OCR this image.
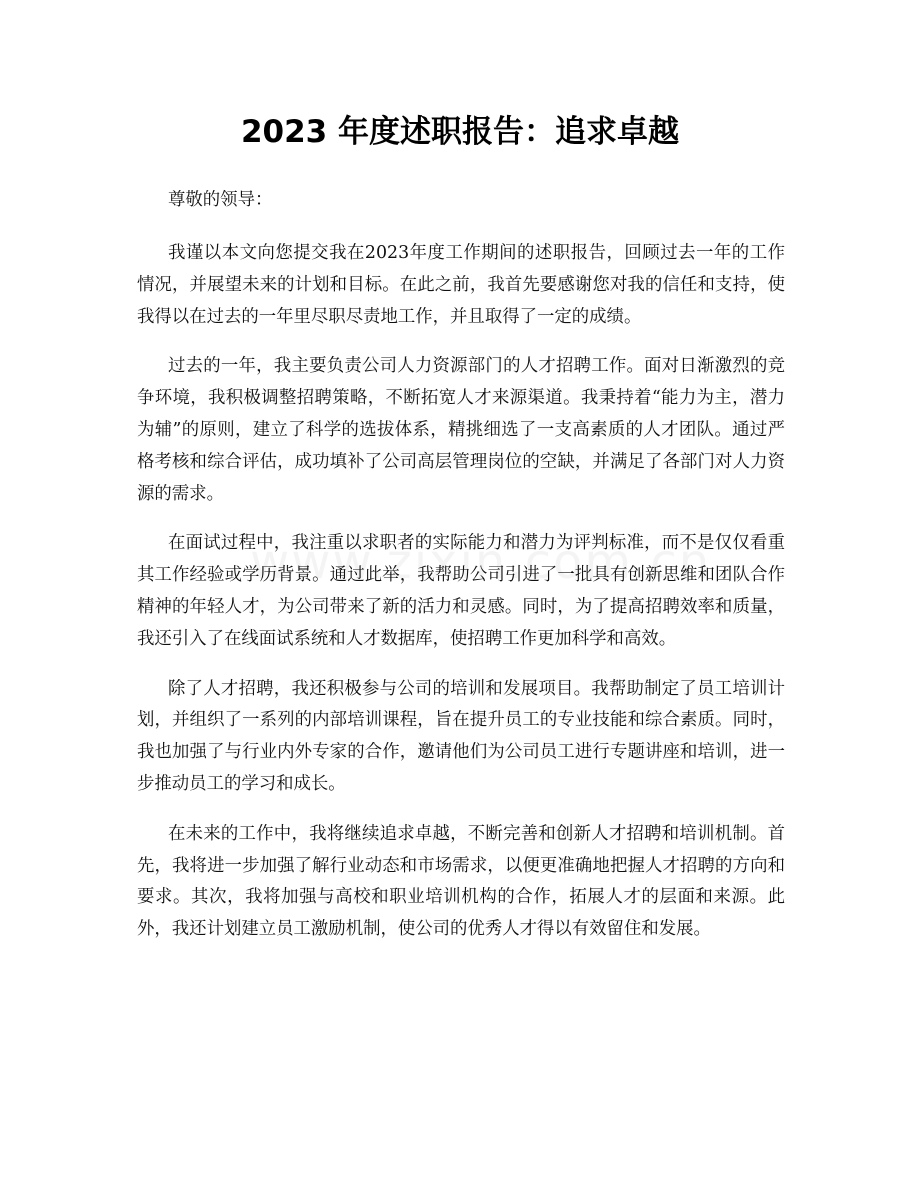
2023 年度述职报告：追求卓越

尊敬的领导：

我谨以本文向您提交我在2023年度工作期间的述职报告，回顾过去一年的工作情况，并展望未来的计划和目标。在此之前，我首先要感谢您对我的信任和支持，使我得以在过去的一年里尽职尽责地工作，并且取得了一定的成绩。

过去的一年，我主要负责公司人力资源部门的人才招聘工作。面对日渐激烈的竞争环境，我积极调整招聘策略，不断拓宽人才来源渠道。我秉持着“能力为主，潜力为辅”的原则，建立了科学的选拔体系，精挑细选了一支高素质的人才团队。通过严格考核和综合评估，成功填补了公司高层管理岗位的空缺，并满足了各部门对人力资源的需求。

在面试过程中，我注重以求职者的实际能力和潜力为评判标准，而不是仅仅看重其工作经验或学历背景。通过此举，我帮助公司引进了一批具有创新思维和团队合作精神的年轻人才，为公司带来了新的活力和灵感。同时，为了提高招聘效率和质量，我还引入了在线面试系统和人才数据库，使招聘工作更加科学和高效。

除了人才招聘，我还积极参与公司的培训和发展项目。我帮助制定了员工培训计划，并组织了一系列的内部培训课程，旨在提升员工的专业技能和综合素质。同时，我也加强了与行业内外专家的合作，邀请他们为公司员工进行专题讲座和培训，进一步推动员工的学习和成长。

在未来的工作中，我将继续追求卓越，不断完善和创新人才招聘和培训机制。首先，我将进一步加强了解行业动态和市场需求，以便更准确地把握人才招聘的方向和要求。其次，我将加强与高校和职业培训机构的合作，拓展人才的层面和来源。此外，我还计划建立员工激励机制，使公司的优秀人才得以有效留住和发展。
